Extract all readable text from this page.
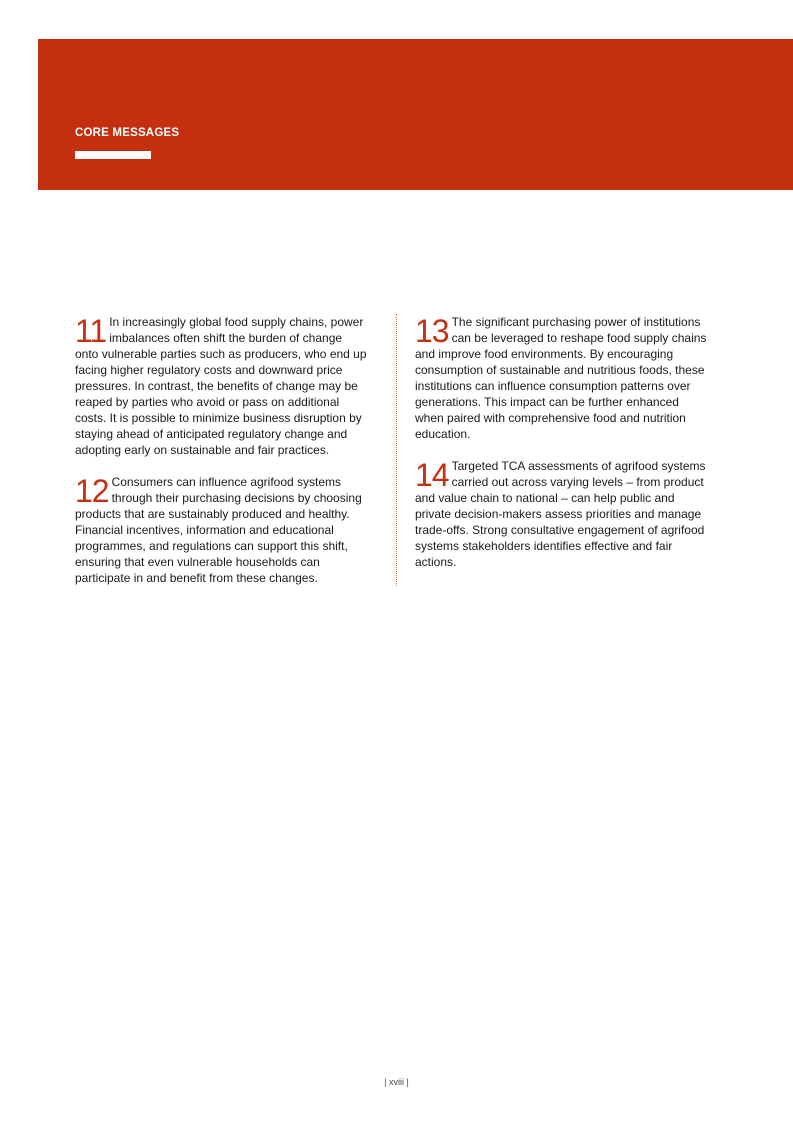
CORE MESSAGES

11 In increasingly global food supply chains, power imbalances often shift the burden of change onto vulnerable parties such as producers, who end up facing higher regulatory costs and downward price pressures. In contrast, the benefits of change may be reaped by parties who avoid or pass on additional costs. It is possible to minimize business disruption by staying ahead of anticipated regulatory change and adopting early on sustainable and fair practices.

12 Consumers can influence agrifood systems through their purchasing decisions by choosing products that are sustainably produced and healthy. Financial incentives, information and educational programmes, and regulations can support this shift, ensuring that even vulnerable households can participate in and benefit from these changes.

13 The significant purchasing power of institutions can be leveraged to reshape food supply chains and improve food environments. By encouraging consumption of sustainable and nutritious foods, these institutions can influence consumption patterns over generations. This impact can be further enhanced when paired with comprehensive food and nutrition education.

14 Targeted TCA assessments of agrifood systems carried out across varying levels – from product and value chain to national – can help public and private decision-makers assess priorities and manage trade-offs. Strong consultative engagement of agrifood systems stakeholders identifies effective and fair actions.

| xviii |
